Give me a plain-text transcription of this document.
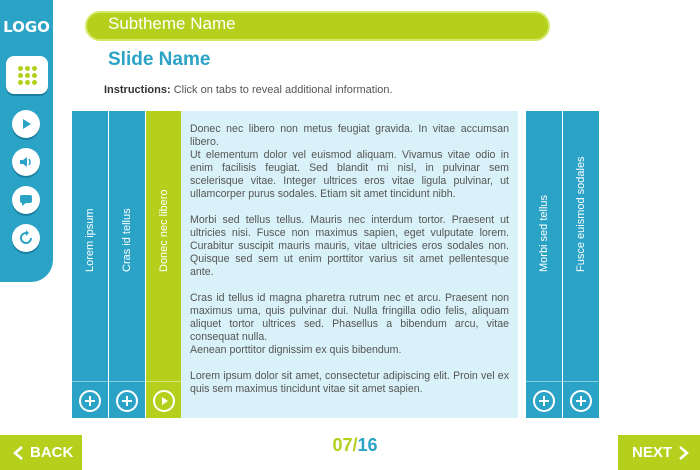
LOGO	Subtheme Name
Slide Name
Instructions: Click on tabs to reveal additional information.
Lorem ipsum Cras id tellus Donec nec libero

Donec nec libero non metus feugiat gravida. In vitae accumsan libero.
Ut elementum dolor vel euismod aliquam. Vivamus vitae odio in enim facilisis feugiat. Sed blandit mi nisl, in pulvinar sem scelerisque vitae. Integer ultrices eros vitae ligula pulvinar, ut ullamcorper purus sodales. Etiam sit amet tincidunt nibh.

Morbi sed tellus tellus. Mauris nec interdum tortor. Praesent ut ultricies nisi. Fusce non maximus sapien, eget vulputate lorem. Curabitur suscipit mauris mauris, vitae ultricies eros sodales non. Quisque sed sem ut enim porttitor varius sit amet pellentesque ante.

Cras id tellus id magna pharetra rutrum nec et arcu. Praesent non maximus uma, quis pulvinar dui. Nulla fringilla odio felis, aliquam aliquet tortor ultrices sed. Phasellus a bibendum arcu, vitae consequat nulla.
Aenean porttitor dignissim ex quis bibendum.

Lorem ipsum dolor sit amet, consectetur adipiscing elit. Proin vel ex quis sem maximus tincidunt vitae sit amet sapien.

Morbi sed tellus Fusce euismod sodales
BACK	07/16	NEXT
